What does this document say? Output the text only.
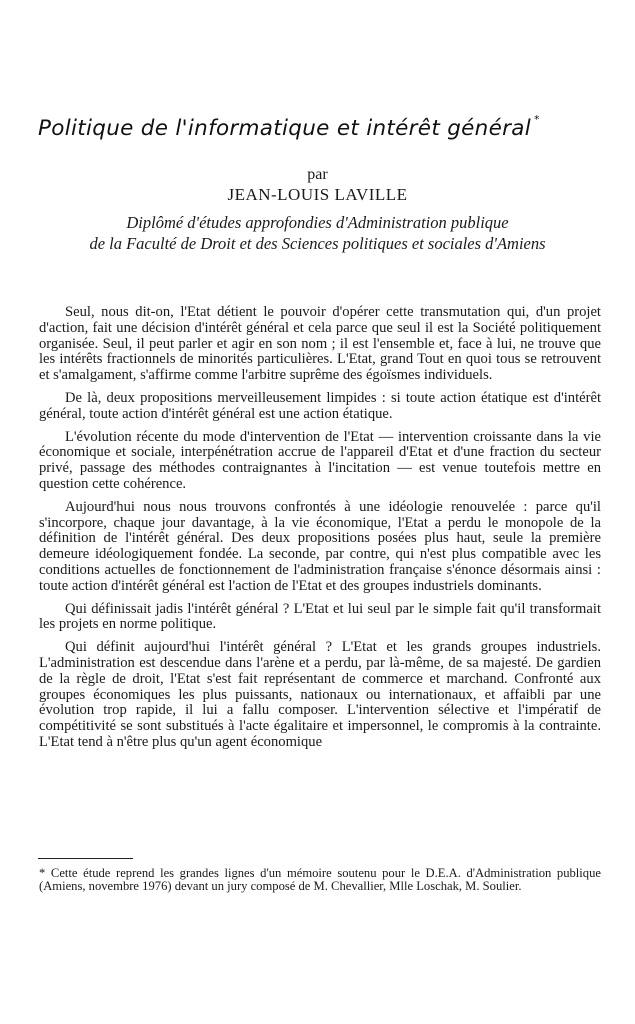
Politique de l'informatique et intérêt général *
par
JEAN-LOUIS LAVILLE
Diplômé d'études approfondies d'Administration publique
de la Faculté de Droit et des Sciences politiques et sociales d'Amiens

Seul, nous dit-on, l'Etat détient le pouvoir d'opérer cette transmutation qui, d'un projet d'action, fait une décision d'intérêt général et cela parce que seul il est la Société politiquement organisée. Seul, il peut parler et agir en son nom ; il est l'ensemble et, face à lui, ne trouve que les intérêts fractionnels de minorités particulières. L'Etat, grand Tout en quoi tous se retrouvent et s'amalgament, s'affirme comme l'arbitre suprême des égoïsmes individuels.

De là, deux propositions merveilleusement limpides : si toute action étatique est d'intérêt général, toute action d'intérêt général est une action étatique.

L'évolution récente du mode d'intervention de l'Etat — intervention croissante dans la vie économique et sociale, interpénétration accrue de l'appareil d'Etat et d'une fraction du secteur privé, passage des méthodes contraignantes à l'incitation — est venue toutefois mettre en question cette cohérence.

Aujourd'hui nous nous trouvons confrontés à une idéologie renouvelée : parce qu'il s'incorpore, chaque jour davantage, à la vie économique, l'Etat a perdu le monopole de la définition de l'intérêt général. Des deux propositions posées plus haut, seule la première demeure idéologiquement fondée. La seconde, par contre, qui n'est plus compatible avec les conditions actuelles de fonctionnement de l'administration française s'énonce désormais ainsi : toute action d'intérêt général est l'action de l'Etat et des groupes industriels dominants.

Qui définissait jadis l'intérêt général ? L'Etat et lui seul par le simple fait qu'il transformait les projets en norme politique.

Qui définit aujourd'hui l'intérêt général ? L'Etat et les grands groupes industriels. L'administration est descendue dans l'arène et a perdu, par là-même, de sa majesté. De gardien de la règle de droit, l'Etat s'est fait représentant de commerce et marchand. Confronté aux groupes économiques les plus puissants, nationaux ou internationaux, et affaibli par une évolution trop rapide, il lui a fallu composer. L'intervention sélective et l'impératif de compétitivité se sont substitués à l'acte égalitaire et impersonnel, le compromis à la contrainte. L'Etat tend à n'être plus qu'un agent économique

* Cette étude reprend les grandes lignes d'un mémoire soutenu pour le D.E.A. d'Administration publique (Amiens, novembre 1976) devant un jury composé de M. Chevallier, Mlle Loschak, M. Soulier.
